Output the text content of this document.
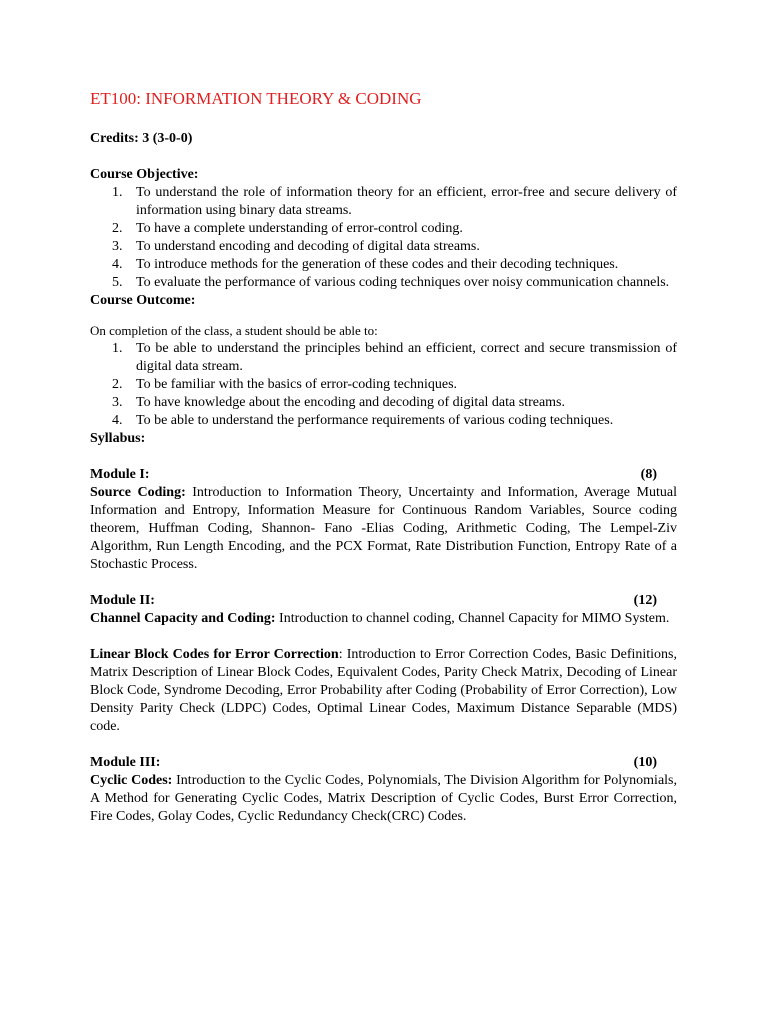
ET100: INFORMATION THEORY & CODING

Credits: 3 (3-0-0)

Course Objective:

1. To understand the role of information theory for an efficient, error-free and secure delivery of information using binary data streams.
2. To have a complete understanding of error-control coding.
3. To understand encoding and decoding of digital data streams.
4. To introduce methods for the generation of these codes and their decoding techniques.
5. To evaluate the performance of various coding techniques over noisy communication channels.

Course Outcome:

On completion of the class, a student should be able to:

1. To be able to understand the principles behind an efficient, correct and secure transmission of digital data stream.
2. To be familiar with the basics of error-coding techniques.
3. To have knowledge about the encoding and decoding of digital data streams.
4. To be able to understand the performance requirements of various coding techniques.

Syllabus:

Module I:	(8)

Source Coding: Introduction to Information Theory, Uncertainty and Information, Average Mutual Information and Entropy, Information Measure for Continuous Random Variables, Source coding theorem, Huffman Coding, Shannon- Fano -Elias Coding, Arithmetic Coding, The Lempel-Ziv Algorithm, Run Length Encoding, and the PCX Format, Rate Distribution Function, Entropy Rate of a Stochastic Process.

Module II:	(12)

Channel Capacity and Coding: Introduction to channel coding, Channel Capacity for MIMO System.

Linear Block Codes for Error Correction: Introduction to Error Correction Codes, Basic Definitions, Matrix Description of Linear Block Codes, Equivalent Codes, Parity Check Matrix, Decoding of Linear Block Code, Syndrome Decoding, Error Probability after Coding (Probability of Error Correction), Low Density Parity Check (LDPC) Codes, Optimal Linear Codes, Maximum Distance Separable (MDS) code.

Module III:	(10)

Cyclic Codes: Introduction to the Cyclic Codes, Polynomials, The Division Algorithm for Polynomials, A Method for Generating Cyclic Codes, Matrix Description of Cyclic Codes, Burst Error Correction, Fire Codes, Golay Codes, Cyclic Redundancy Check(CRC) Codes.
